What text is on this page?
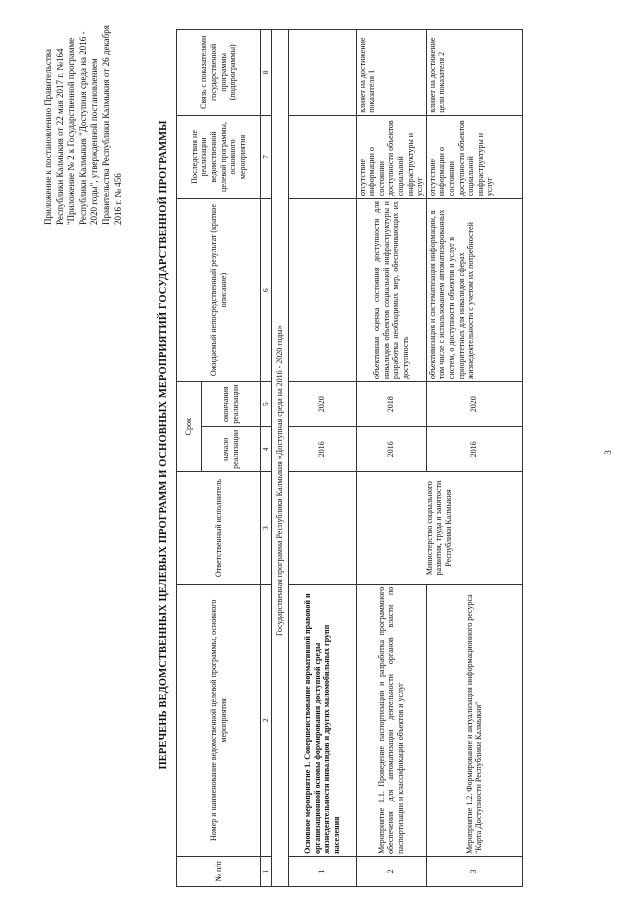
Приложение к постановлению Правительства Республики Калмыкия от 22 мая 2017 г. №164 "Приложение № 2 к Государственной программе Республики Калмыкия "Доступная среда на 2016 - 2020 годы", утвержденной постановлением Правительства Республики Калмыкия от 26 декабря 2016 г. № 456	ПЕРЕЧЕНЬ ВЕДОМСТВЕННЫХ ЦЕЛЕВЫХ ПРОГРАММ И ОСНОВНЫХ МЕРОПРИЯТИЙ ГОСУДАРСТВЕННОЙ ПРОГРАММЫ
№ п/п	Номер и наименование ведомственной целевой программы, основного мероприятия	Ответственный исполнитель	Срок		Ожидаемый непосредственный результат (краткое описание)	Последствия не реализации ведомственной целевой программы, основного мероприятия	Связь с показателями государственной программы (подпрограммы)
			начало реализации	окончания реализации			
1	2	3	4	5	6	7	8
Государственная программа Республики Калмыкия «Доступная среда на 2016 - 2020 годы»							
1	Основное мероприятие 1. Совершенствование нормативной правовой и организационной основы формирования доступной среды жизнедеятельности инвалидов и других маломобильных групп населения		2016	2020			
2	Мероприятие 1.1. Проведение паспортизации и разработка программного обеспечения для автоматизации деятельности органов власти по паспортизации и классификации объектов и услуг	Министерство социального развития, труда и занятости Республики Калмыкия	2016	2018	объективная оценка состояния доступности для инвалидов объектов социальной инфраструктуры и разработка необходимых мер, обеспечивающих их доступность	отсутствие информации о состоянии доступности объектов социальной инфраструктуры и услуг	влияет на достижение показателя 1
3	Мероприятие 1.2. Формирование и актуализация информационного ресурса "Карта Доступности Республики Калмыкия"		2016	2020	объективизация и систематизация информации, в том числе с использованием автоматизированных систем, о доступности объектов и услуг в приоритетных для инвалидов сферах жизнедеятельности с учетом их потребностей	отсутствие информации о состоянии доступности объектов социальной инфраструктуры и услуг	влияет на достижение цели показателя 2
3
